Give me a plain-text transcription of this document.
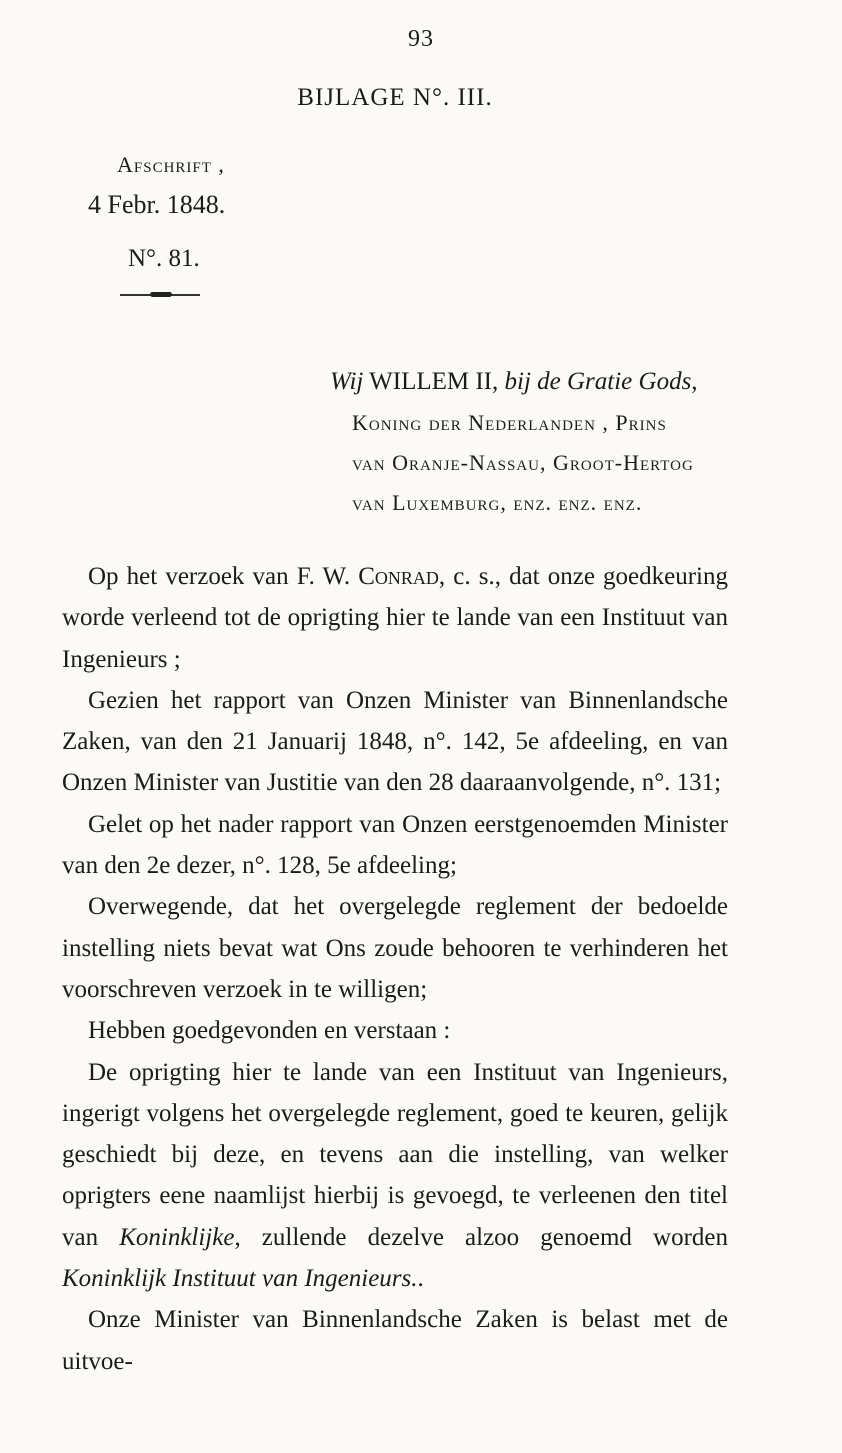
93
BIJLAGE N°. III.
Afschrift ,
4 Febr. 1848.
N°. 81.
Wij WILLEM II, bij de Gratie Gods,
Koning der Nederlanden , Prins
van Oranje-Nassau, Groot-Hertog
van Luxemburg, enz. enz. enz.

Op het verzoek van F. W. Conrad, c. s., dat onze goedkeuring worde verleend tot de oprigting hier te lande van een Instituut van Ingenieurs ;

Gezien het rapport van Onzen Minister van Binnenlandsche Zaken, van den 21 Januarij 1848, n°. 142, 5e afdeeling, en van Onzen Minister van Justitie van den 28 daaraanvolgende, n°. 131;

Gelet op het nader rapport van Onzen eerstgenoemden Minister van den 2e dezer, n°. 128, 5e afdeeling;

Overwegende, dat het overgelegde reglement der bedoelde instelling niets bevat wat Ons zoude behooren te verhinderen het voorschreven verzoek in te willigen;

Hebben goedgevonden en verstaan :

De oprigting hier te lande van een Instituut van Ingenieurs, ingerigt volgens het overgelegde reglement, goed te keuren, gelijk geschiedt bij deze, en tevens aan die instelling, van welker oprigters eene naamlijst hierbij is gevoegd, te verleenen den titel van Koninklijke, zullende dezelve alzoo genoemd worden Koninklijk Instituut van Ingenieurs..

Onze Minister van Binnenlandsche Zaken is belast met de uitvoe-
